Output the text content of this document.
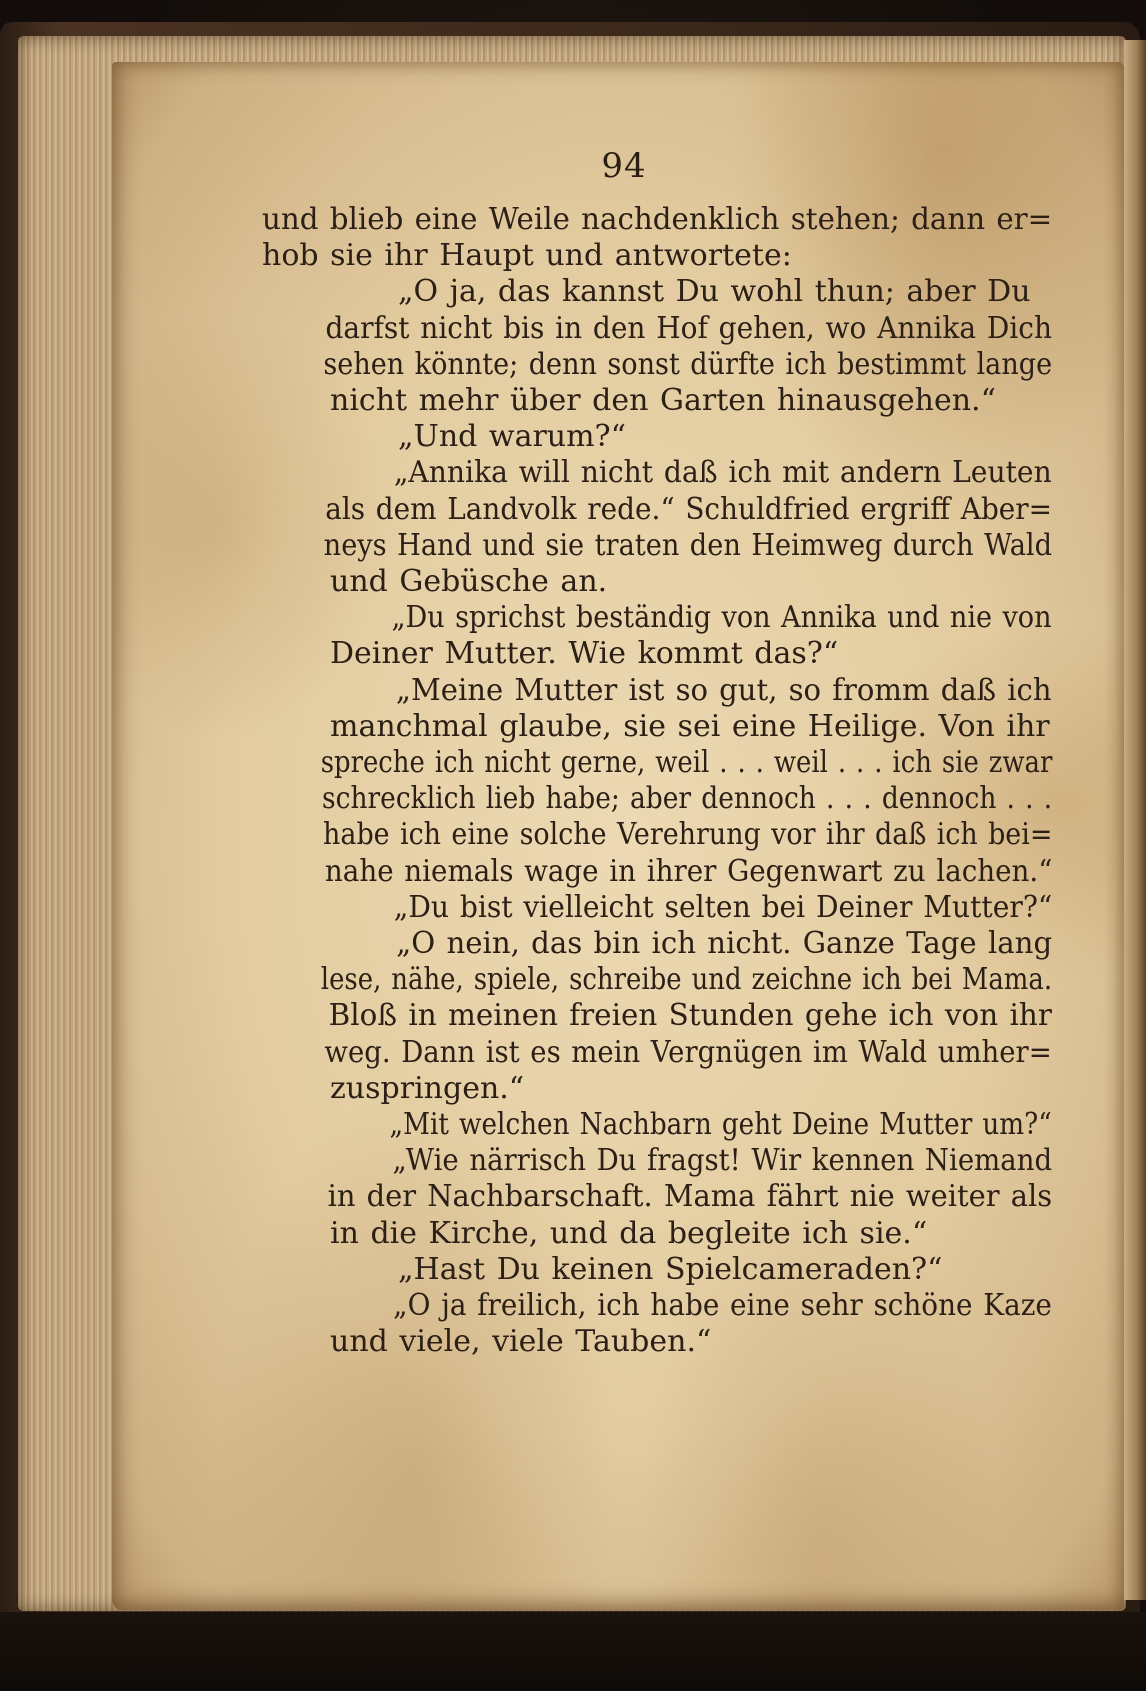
94

und blieb eine Weile nachdenklich stehen; dann er=
hob sie ihr Haupt und antwortete:

„O ja, das kannst Du wohl thun; aber Du
darfst nicht bis in den Hof gehen, wo Annika Dich
sehen könnte; denn sonst dürfte ich bestimmt lange
nicht mehr über den Garten hinausgehen.“

„Und warum?“

„Annika will nicht daß ich mit andern Leuten
als dem Landvolk rede.“ Schuldfried ergriff Aber=
neys Hand und sie traten den Heimweg durch Wald
und Gebüsche an.

„Du sprichst beständig von Annika und nie von
Deiner Mutter. Wie kommt das?“

„Meine Mutter ist so gut, so fromm daß ich
manchmal glaube, sie sei eine Heilige. Von ihr
spreche ich nicht gerne, weil . . . weil . . . ich sie zwar
schrecklich lieb habe; aber dennoch . . . dennoch . . .
habe ich eine solche Verehrung vor ihr daß ich bei=
nahe niemals wage in ihrer Gegenwart zu lachen.“

„Du bist vielleicht selten bei Deiner Mutter?“

„O nein, das bin ich nicht. Ganze Tage lang
lese, nähe, spiele, schreibe und zeichne ich bei Mama.
Bloß in meinen freien Stunden gehe ich von ihr
weg. Dann ist es mein Vergnügen im Wald umher=
zuspringen.“

„Mit welchen Nachbarn geht Deine Mutter um?“

„Wie närrisch Du fragst! Wir kennen Niemand
in der Nachbarschaft. Mama fährt nie weiter als
in die Kirche, und da begleite ich sie.“

„Hast Du keinen Spielcameraden?“

„O ja freilich, ich habe eine sehr schöne Kaze
und viele, viele Tauben.“
